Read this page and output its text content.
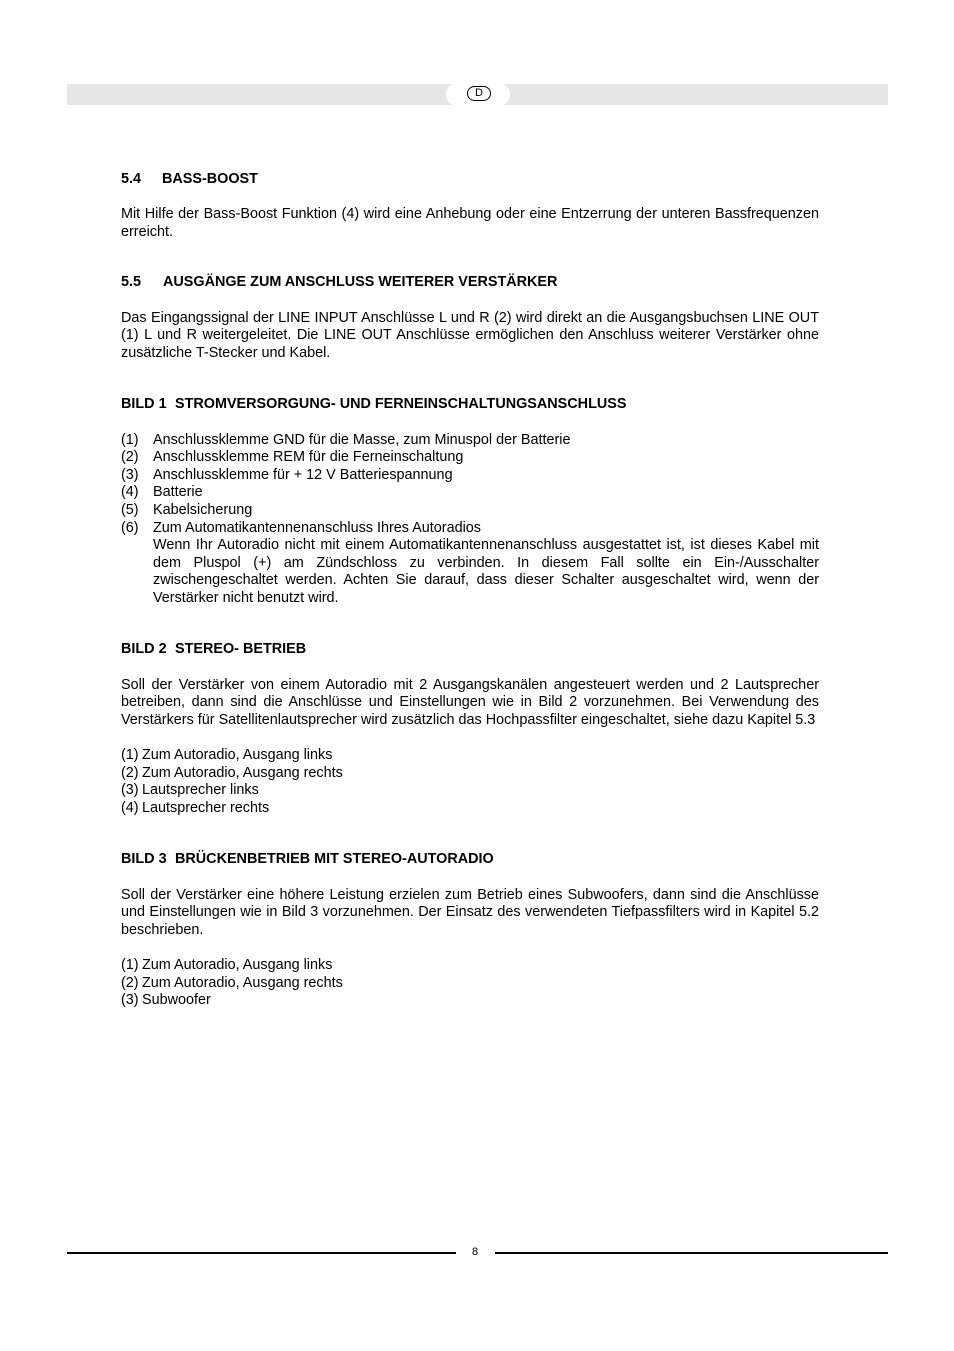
D

5.4 BASS-BOOST

Mit Hilfe der Bass-Boost Funktion (4) wird eine Anhebung oder eine Entzerrung der unteren Bassfrequenzen erreicht.

5.5 AUSGÄNGE ZUM ANSCHLUSS WEITERER VERSTÄRKER

Das Eingangssignal der LINE INPUT Anschlüsse L und R (2) wird direkt an die Ausgangsbuchsen LINE OUT (1) L und R weitergeleitet. Die LINE OUT Anschlüsse ermöglichen den Anschluss weiterer Verstärker ohne zusätzliche T-Stecker und Kabel.

BILD 1 STROMVERSORGUNG- UND FERNEINSCHALTUNGSANSCHLUSS

(1)	Anschlussklemme GND für die Masse, zum Minuspol der Batterie
(2)	Anschlussklemme REM für die Ferneinschaltung
(3)	Anschlussklemme für + 12 V Batteriespannung
(4)	Batterie
(5)	Kabelsicherung
(6)	Zum Automatikantennenanschluss Ihres Autoradios
Wenn Ihr Autoradio nicht mit einem Automatikantennenanschluss ausgestattet ist, ist dieses Kabel mit dem Pluspol (+) am Zündschloss zu verbinden. In diesem Fall sollte ein Ein-/Ausschalter zwischengeschaltet werden. Achten Sie darauf, dass dieser Schalter ausgeschaltet wird, wenn der Verstärker nicht benutzt wird.

BILD 2 STEREO- BETRIEB

Soll der Verstärker von einem Autoradio mit 2 Ausgangskanälen angesteuert werden und 2 Lautsprecher betreiben, dann sind die Anschlüsse und Einstellungen wie in Bild 2 vorzunehmen. Bei Verwendung des Verstärkers für Satellitenlautsprecher wird zusätzlich das Hochpassfilter eingeschaltet, siehe dazu Kapitel 5.3

(1) Zum Autoradio, Ausgang links
(2) Zum Autoradio, Ausgang rechts
(3) Lautsprecher links
(4) Lautsprecher rechts

BILD 3 BRÜCKENBETRIEB MIT STEREO-AUTORADIO

Soll der Verstärker eine höhere Leistung erzielen zum Betrieb eines Subwoofers, dann sind die Anschlüsse und Einstellungen wie in Bild 3 vorzunehmen. Der Einsatz des verwendeten Tiefpassfilters wird in Kapitel 5.2 beschrieben.

(1) Zum Autoradio, Ausgang links
(2) Zum Autoradio, Ausgang rechts
(3) Subwoofer
8
